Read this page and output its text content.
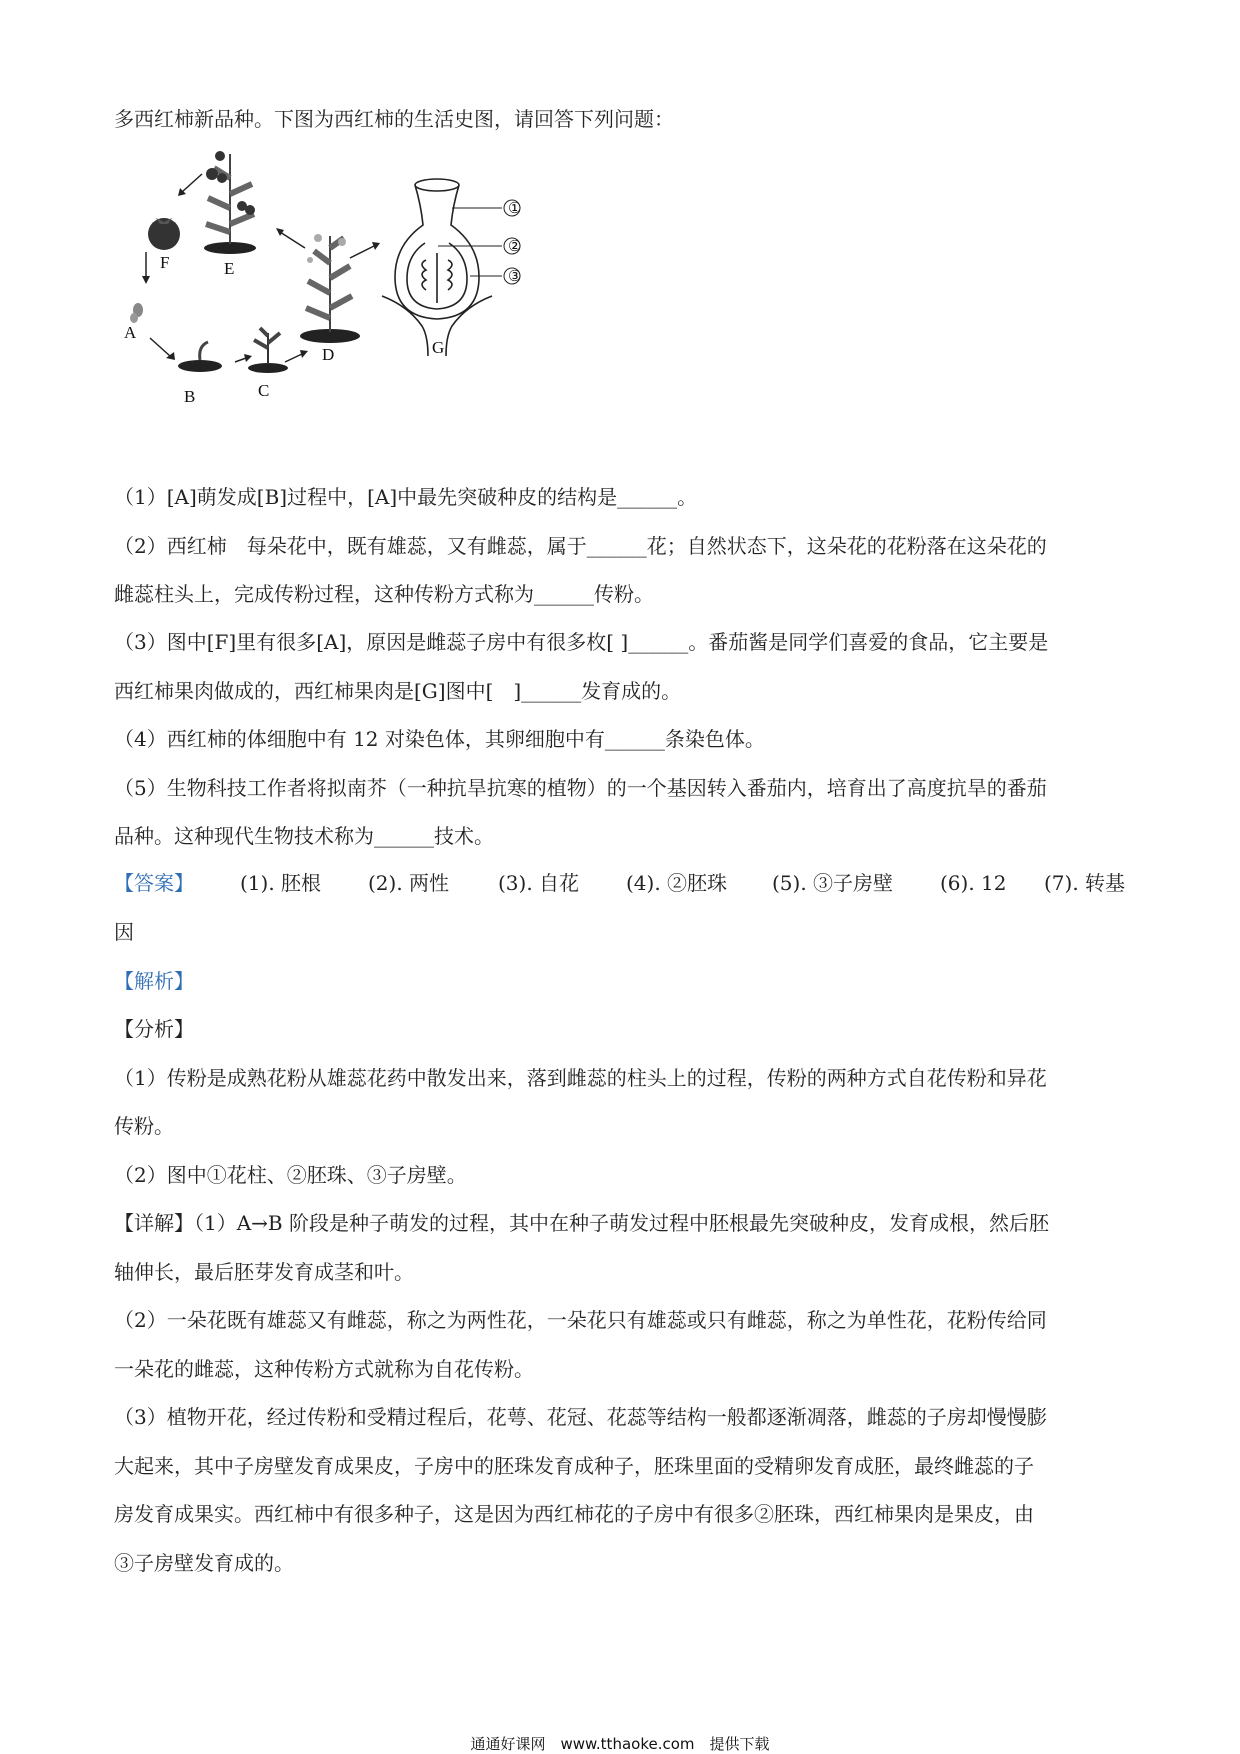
多西红柿新品种。下图为西红柿的生活史图，请回答下列问题：
F
A
B	C
D
E
①
②
③
G
（1）[A]萌发成[B]过程中，[A]中最先突破种皮的结构是______。
（2）西红柿　每朵花中，既有雄蕊，又有雌蕊，属于______花；自然状态下，这朵花的花粉落在这朵花的
雌蕊柱头上，完成传粉过程，这种传粉方式称为______传粉。
（3）图中[F]里有很多[A]，原因是雌蕊子房中有很多枚[ ]______。番茄酱是同学们喜爱的食品，它主要是
西红柿果肉做成的，西红柿果肉是[G]图中[　]______发育成的。
（4）西红柿的体细胞中有 12 对染色体，其卵细胞中有______条染色体。
（5）生物科技工作者将拟南芥（一种抗旱抗寒的植物）的一个基因转入番茄内，培育出了高度抗旱的番茄
品种。这种现代生物技术称为______技术。
【答案】 (1). 胚根 (2). 两性 (3). 自花 (4). ②胚珠 (5). ③子房壁 (6). 12 (7). 转基
因
【解析】
【分析】
（1）传粉是成熟花粉从雄蕊花药中散发出来，落到雌蕊的柱头上的过程，传粉的两种方式自花传粉和异花
传粉。
（2）图中①花柱、②胚珠、③子房壁。
【详解】（1）A→B 阶段是种子萌发的过程，其中在种子萌发过程中胚根最先突破种皮，发育成根，然后胚
轴伸长，最后胚芽发育成茎和叶。
（2）一朵花既有雄蕊又有雌蕊，称之为两性花，一朵花只有雄蕊或只有雌蕊，称之为单性花，花粉传给同
一朵花的雌蕊，这种传粉方式就称为自花传粉。
（3）植物开花，经过传粉和受精过程后，花萼、花冠、花蕊等结构一般都逐渐凋落，雌蕊的子房却慢慢膨
大起来，其中子房壁发育成果皮，子房中的胚珠发育成种子，胚珠里面的受精卵发育成胚，最终雌蕊的子
房发育成果实。西红柿中有很多种子，这是因为西红柿花的子房中有很多②胚珠，西红柿果肉是果皮，由
③子房壁发育成的。
通通好课网　www.tthaoke.com　提供下载
